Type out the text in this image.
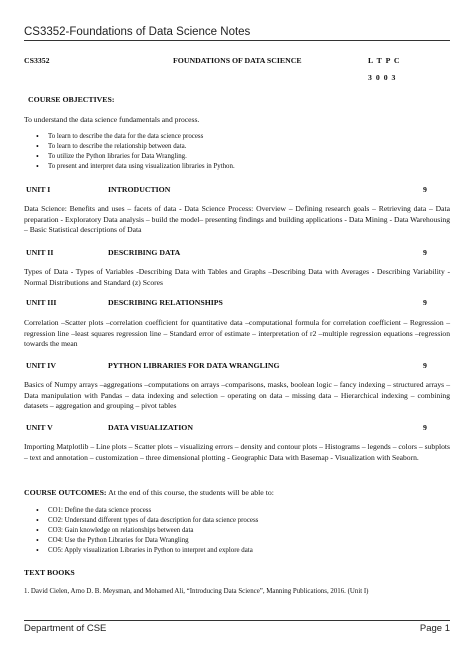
CS3352-Foundations of Data Science Notes
CS3352	FOUNDATIONS OF DATA SCIENCE	L T P C
3 0 0 3
COURSE OBJECTIVES:
To understand the data science fundamentals and process.
• To learn to describe the data for the data science process
• To learn to describe the relationship between data.
• To utilize the Python libraries for Data Wrangling.
• To present and interpret data using visualization libraries in Python.
UNIT I	INTRODUCTION	9
Data Science: Benefits and uses – facets of data - Data Science Process: Overview – Defining research goals – Retrieving data – Data preparation - Exploratory Data analysis – build the model– presenting findings and building applications - Data Mining - Data Warehousing – Basic Statistical descriptions of Data
UNIT II	DESCRIBING DATA	9
Types of Data - Types of Variables -Describing Data with Tables and Graphs –Describing Data with Averages - Describing Variability - Normal Distributions and Standard (z) Scores
UNIT III	DESCRIBING RELATIONSHIPS	9
Correlation –Scatter plots –correlation coefficient for quantitative data –computational formula for correlation coefficient – Regression –regression line –least squares regression line – Standard error of estimate – interpretation of r2 –multiple regression equations –regression towards the mean
UNIT IV	PYTHON LIBRARIES FOR DATA WRANGLING	9
Basics of Numpy arrays –aggregations –computations on arrays –comparisons, masks, boolean logic – fancy indexing – structured arrays – Data manipulation with Pandas – data indexing and selection – operating on data – missing data – Hierarchical indexing – combining datasets – aggregation and grouping – pivot tables
UNIT V	DATA VISUALIZATION	9
Importing Matplotlib – Line plots – Scatter plots – visualizing errors – density and contour plots – Histograms – legends – colors – subplots – text and annotation – customization – three dimensional plotting - Geographic Data with Basemap - Visualization with Seaborn.
COURSE OUTCOMES: At the end of this course, the students will be able to:
• CO1: Define the data science process
• CO2: Understand different types of data description for data science process
• CO3: Gain knowledge on relationships between data
• CO4: Use the Python Libraries for Data Wrangling
• CO5: Apply visualization Libraries in Python to interpret and explore data
TEXT BOOKS
1. David Cielen, Arno D. B. Meysman, and Mohamed Ali, “Introducing Data Science”, Manning Publications, 2016. (Unit I)
Department of CSE	Page 1
